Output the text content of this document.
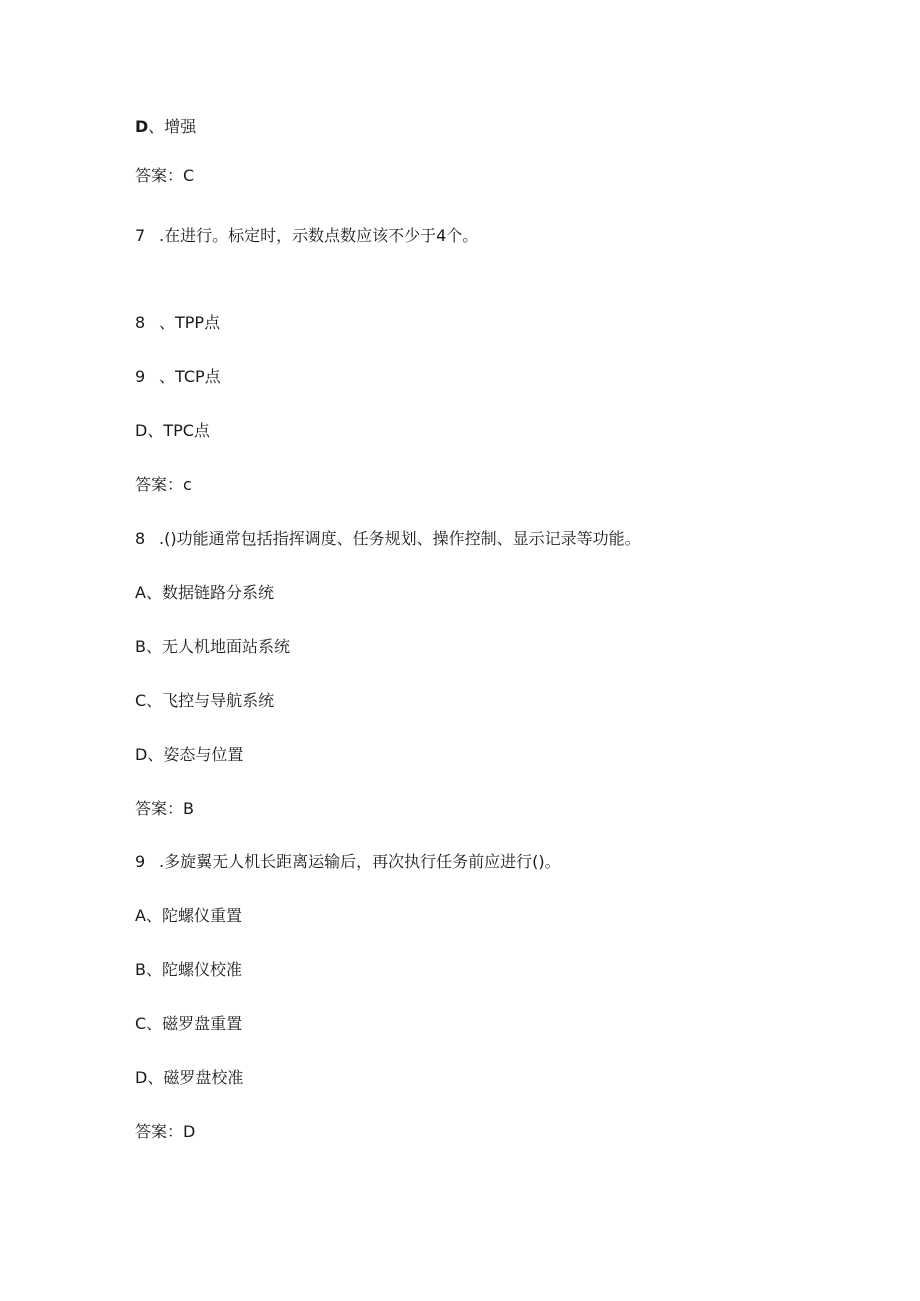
D、增强
答案：C
7 .在进行。标定时，示数点数应该不少于4个。
8 、TPP点
9 、TCP点
D、TPC点
答案：c
8 .()功能通常包括指挥调度、任务规划、操作控制、显示记录等功能。
A、数据链路分系统
B、无人机地面站系统
C、飞控与导航系统
D、姿态与位置
答案：B
9 .多旋翼无人机长距离运输后，再次执行任务前应进行()。
A、陀螺仪重置
B、陀螺仪校准
C、磁罗盘重置
D、磁罗盘校准
答案：D
